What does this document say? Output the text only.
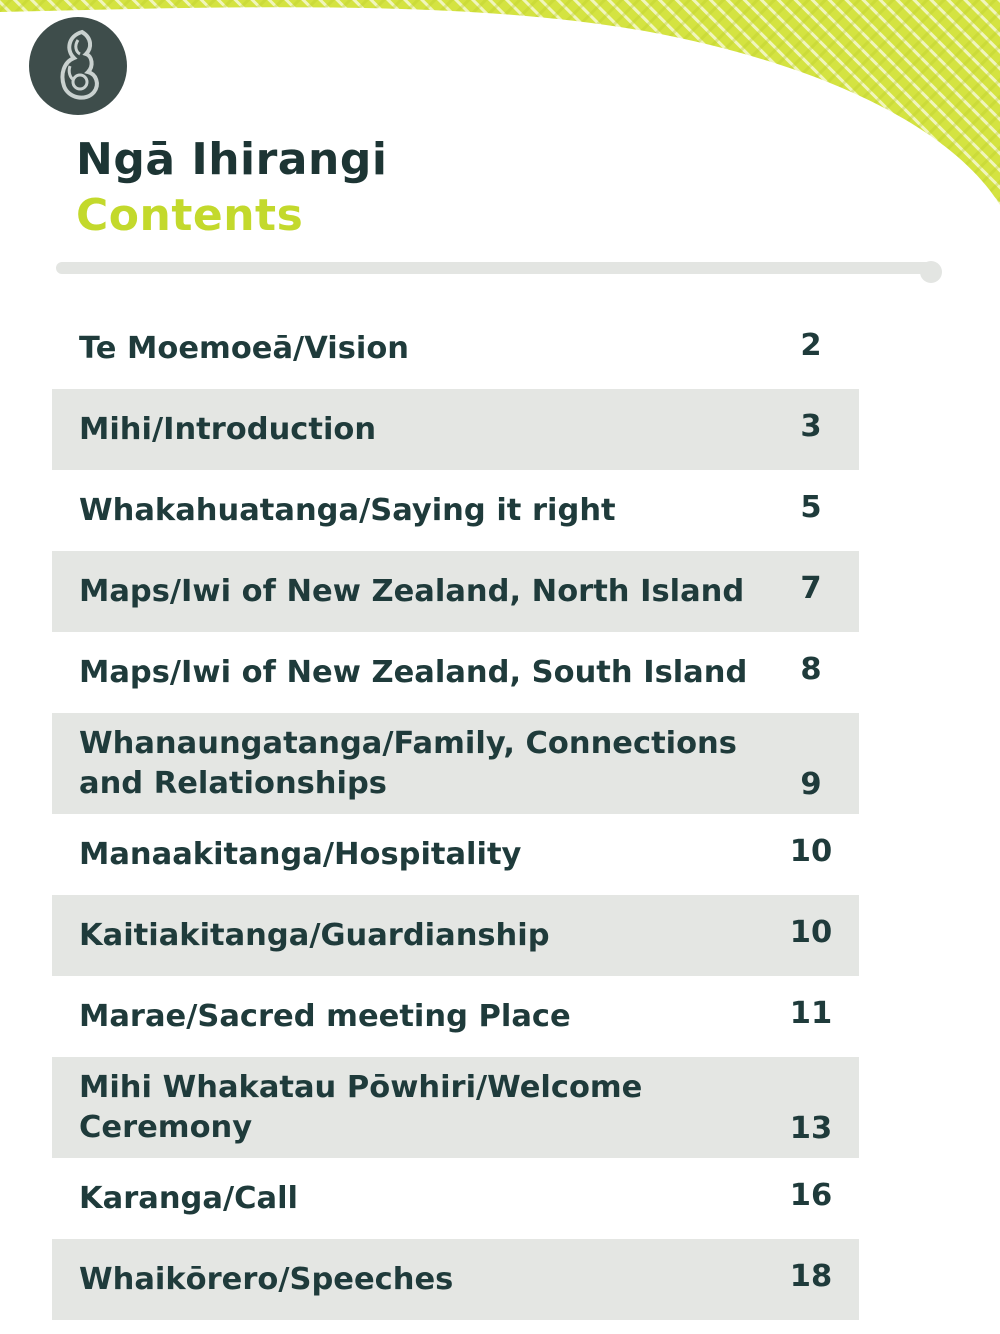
Ngā Ihirangi
Contents
Te Moemoeā/Vision	2
Mihi/Introduction	3
Whakahuatanga/Saying it right	5
Maps/Iwi of New Zealand, North Island	7
Maps/Iwi of New Zealand, South Island	8
Whanaungatanga/Family, Connections and Relationships	9
Manaakitanga/Hospitality	10
Kaitiakitanga/Guardianship	10
Marae/Sacred meeting Place	11
Mihi Whakatau Pōwhiri/Welcome Ceremony	13
Karanga/Call	16
Whaikōrero/Speeches	18
